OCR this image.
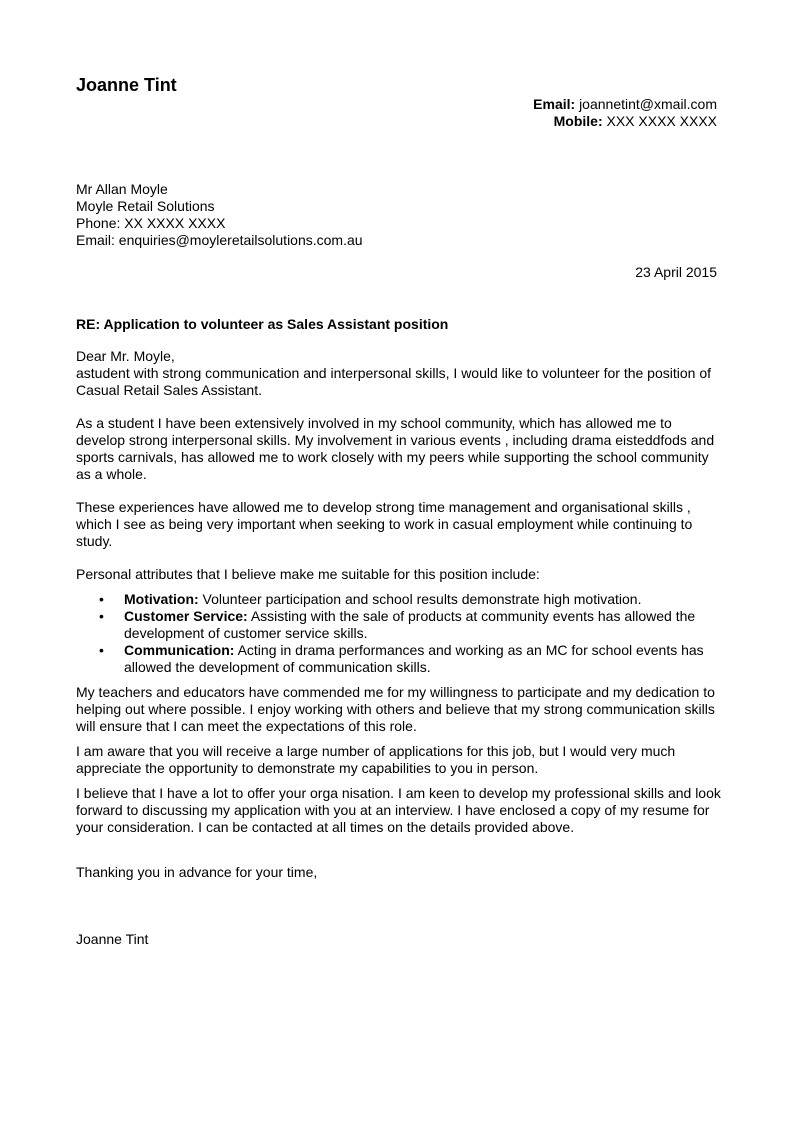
Joanne Tint
Email: joannetint@xmail.com
Mobile: XXX XXXX XXXX
Mr Allan Moyle
Moyle Retail Solutions
Phone: XX XXXX XXXX
Email: enquiries@moyleretailsolutions.com.au
23 April 2015
RE: Application to volunteer as Sales Assistant position

Dear Mr. Moyle,

astudent with strong communication and interpersonal skills, I would like to volunteer for the position of Casual Retail Sales Assistant.

As a student I have been extensively involved in my school community, which has allowed me to develop strong interpersonal skills. My involvement in various events , including drama eisteddfods and sports carnivals, has allowed me to work closely with my peers while supporting the school community as a whole.

These experiences have allowed me to develop strong time management and organisational skills , which I see as being very important when seeking to work in casual employment while continuing to study.

Personal attributes that I believe make me suitable for this position include:

• Motivation: Volunteer participation and school results demonstrate high motivation.
• Customer Service: Assisting with the sale of products at community events has allowed the development of customer service skills.
• Communication: Acting in drama performances and working as an MC for school events has allowed the development of communication skills.

My teachers and educators have commended me for my willingness to participate and my dedication to helping out where possible. I enjoy working with others and believe that my strong communication skills will ensure that I can meet the expectations of this role.

I am aware that you will receive a large number of applications for this job, but I would very much appreciate the opportunity to demonstrate my capabilities to you in person.

I believe that I have a lot to offer your orga nisation. I am keen to develop my professional skills and look forward to discussing my application with you at an interview. I have enclosed a copy of my resume for your consideration. I can be contacted at all times on the details provided above.

Thanking you in advance for your time,
Joanne Tint
